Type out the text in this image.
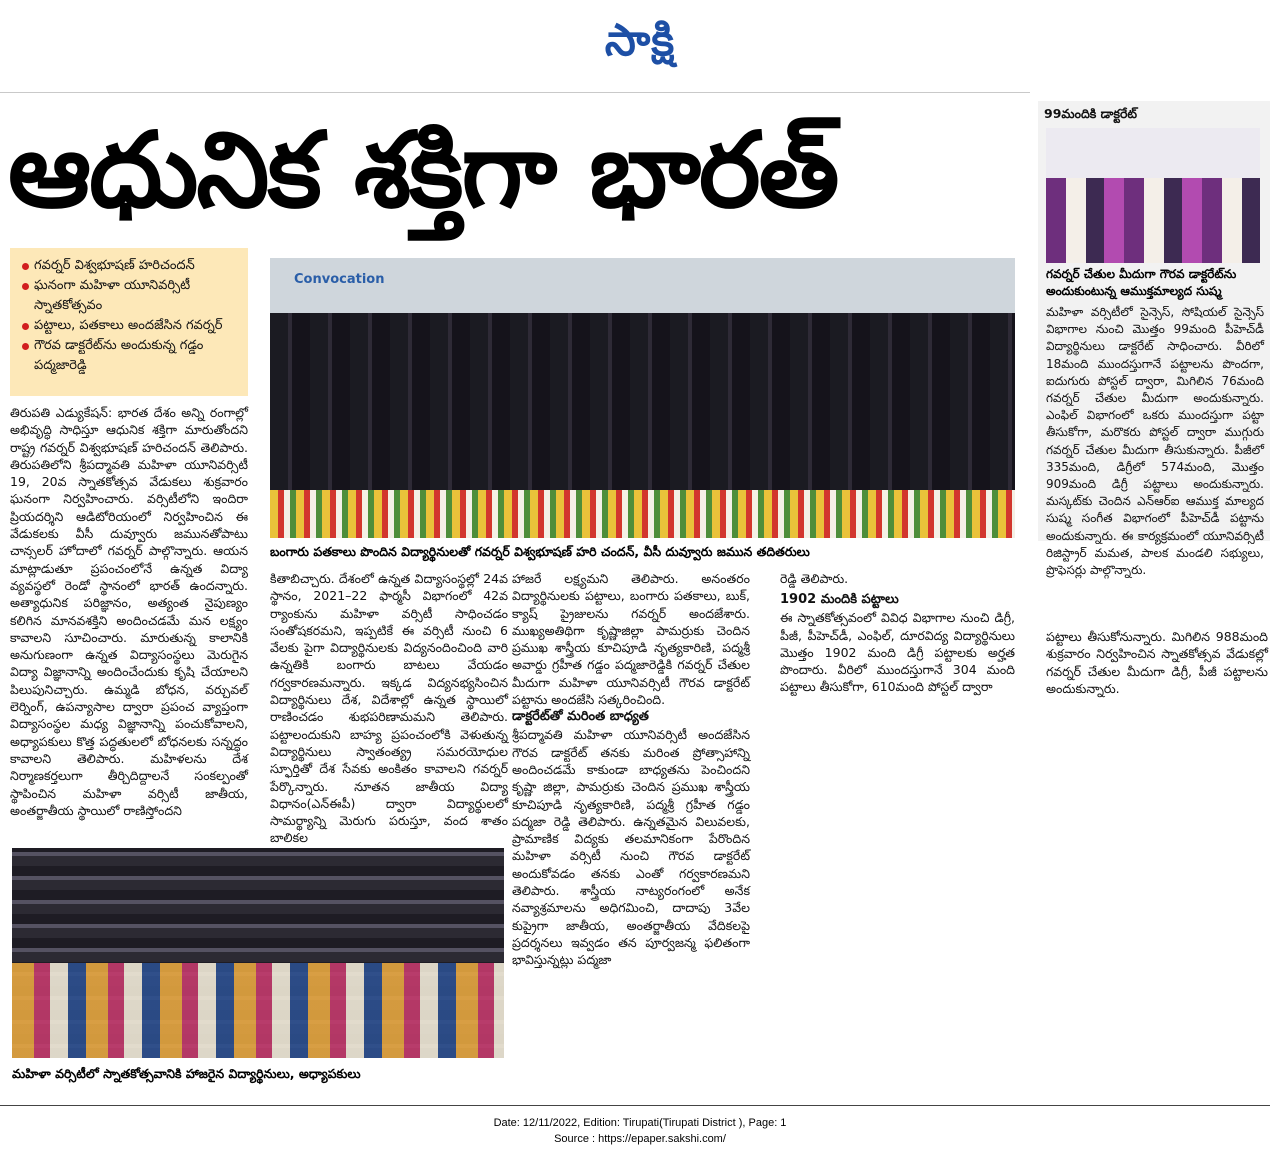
సాక్షి
ఆధునిక శక్తిగా భారత్
గవర్నర్ విశ్వభూషణ్ హరిచందన్
ఘనంగా మహిళా యూనివర్సిటీ స్నాతకోత్సవం
పట్టాలు, పతకాలు అందజేసిన గవర్నర్
గౌరవ డాక్టరేట్‌ను అందుకున్న గడ్డం పద్మజారెడ్డి
Convocation
బంగారు పతకాలు పొందిన విద్యార్థినులతో గవర్నర్ విశ్వభూషణ్ హరి చందన్, వీసీ దువ్వూరు జమున తదితరులు
99మందికి డాక్టరేట్
గవర్నర్ చేతుల మీదుగా గౌరవ డాక్టరేట్‌ను అందుకుంటున్న ఆముక్తమాల్యద సుష్మ

మహిళా వర్సిటీలో సైన్సెస్, సోషియల్ సైన్సెస్ విభాగాల నుంచి మొత్తం 99మంది పీహెచ్‌డీ విద్యార్థినులు డాక్టరేట్ సాధించారు. వీరిలో 18మంది ముందస్తుగానే పట్టాలను పొందగా, ఐదుగురు పోస్టల్ ద్వారా, మిగిలిన 76మంది గవర్నర్ చేతుల మీదుగా అందుకున్నారు. ఎంఫిల్ విభాగంలో ఒకరు ముందస్తుగా పట్టా తీసుకోగా, మరొకరు పోస్టల్ ద్వారా ముగ్గురు గవర్నర్ చేతుల మీదుగా తీసుకున్నారు. పీజీలో 335మంది, డిగ్రీలో 574మంది, మొత్తం 909మంది డిగ్రీ పట్టాలు అందుకున్నారు. మస్కట్‌కు చెందిన ఎన్ఆర్ఐ ఆముక్త మాల్యద సుష్మ సంగీత విభాగంలో పీహెచ్‌డీ పట్టాను అందుకున్నారు. ఈ కార్యక్రమంలో యూనివర్సిటీ రిజిస్ట్రార్ మమత, పాలక మండలి సభ్యులు, ప్రొఫెసర్లు పాల్గొన్నారు.

తిరుపతి ఎడ్యుకేషన్: భారత దేశం అన్ని రంగాల్లో అభివృద్ధి సాధిస్తూ ఆధునిక శక్తిగా మారుతోందని రాష్ట్ర గవర్నర్ విశ్వభూషణ్ హరిచందన్ తెలిపారు. తిరుపతిలోని శ్రీపద్మావతి మహిళా యూనివర్సిటీ 19, 20వ స్నాతకోత్సవ వేడుకలు శుక్రవారం ఘనంగా నిర్వహించారు. వర్సిటీలోని ఇందిరా ప్రియదర్శిని ఆడిటోరియంలో నిర్వహించిన ఈ వేడుకలకు వీసీ దువ్వూరు జమునతోపాటు చాన్సలర్ హోదాలో గవర్నర్ పాల్గొన్నారు. ఆయన మాట్లాడుతూ ప్రపంచంలోనే ఉన్నత విద్యా వ్యవస్థలో రెండో స్థానంలో భారత్ ఉందన్నారు. అత్యాధునిక పరిజ్ఞానం, అత్యంత నైపుణ్యం కలిగిన మానవశక్తిని అందించడమే మన లక్ష్యం కావాలని సూచించారు. మారుతున్న కాలానికి అనుగుణంగా ఉన్నత విద్యాసంస్థలు మెరుగైన విద్యా విజ్ఞానాన్ని అందించేందుకు కృషి చేయాలని పిలుపునిచ్చారు. ఉమ్మడి బోధన, వర్చువల్ లెర్నింగ్, ఉపన్యాసాల ద్వారా ప్రపంచ వ్యాప్తంగా విద్యాసంస్థల మధ్య విజ్ఞానాన్ని పంచుకోవాలని, అధ్యాపకులు కొత్త పద్ధతులలో బోధనలకు సన్నద్ధం కావాలని తెలిపారు. మహిళలను దేశ నిర్మాణకర్తలుగా తీర్చిదిద్దాలనే సంకల్పంతో స్థాపించిన మహిళా వర్సిటీ జాతీయ, అంతర్జాతీయ స్థాయిలో రాణిస్తోందని

కితాబిచ్చారు. దేశంలో ఉన్నత విద్యాసంస్థల్లో 24వ స్థానం, 2021–22 ఫార్మసీ విభాగంలో 42వ ర్యాంకును మహిళా వర్సిటీ సాధించడం సంతోషకరమని, ఇప్పటికే ఈ వర్సిటీ నుంచి 6 వేలకు పైగా విద్యార్థినులకు విద్యనందించింది వారి ఉన్నతికి బంగారు బాటలు వేయడం గర్వకారణమన్నారు. ఇక్కడ విద్యనభ్యసించిన విద్యార్థినులు దేశ, విదేశాల్లో ఉన్నత స్థాయిలో రాణించడం శుభపరిణామమని తెలిపారు. పట్టాలందుకుని బాహ్య ప్రపంచంలోకి వెళుతున్న విద్యార్థినులు స్వాతంత్య్ర సమరయోధుల స్ఫూర్తితో దేశ సేవకు అంకితం కావాలని గవర్నర్ పేర్కొన్నారు. నూతన జాతీయ విద్యా విధానం(ఎన్ఈపీ) ద్వారా విద్యార్థులలో సామర్థ్యాన్ని మెరుగు పరుస్తూ, వంద శాతం బాలికల

హాజరే లక్ష్యమని తెలిపారు. అనంతరం విద్యార్థినులకు పట్టాలు, బంగారు పతకాలు, బుక్, క్యాష్ ప్రైజులను గవర్నర్ అందజేశారు. ముఖ్యఅతిథిగా కృష్ణాజిల్లా పామర్రుకు చెందిన ప్రముఖ శాస్త్రీయ కూచిపూడి నృత్యకారిణి, పద్మశ్రీ అవార్డు గ్రహీత గడ్డం పద్మజారెడ్డికి గవర్నర్ చేతుల మీదుగా మహిళా యూనివర్సిటీ గౌరవ డాక్టరేట్ పట్టాను అందజేసి సత్కరించింది.

డాక్టరేట్‌తో మరింత బాధ్యత

శ్రీపద్మావతి మహిళా యూనివర్సిటీ అందజేసిన గౌరవ డాక్టరేట్ తనకు మరింత ప్రోత్సాహాన్ని అందించడమే కాకుండా బాధ్యతను పెంచిందని కృష్ణా జిల్లా, పామర్రుకు చెందిన ప్రముఖ శాస్త్రీయ కూచిపూడి నృత్యకారిణి, పద్మశ్రీ గ్రహీత గడ్డం పద్మజా రెడ్డి తెలిపారు. ఉన్నతమైన విలువలకు, ప్రామాణిక విద్యకు తలమానికంగా పేరొందిన మహిళా వర్సిటీ నుంచి గౌరవ డాక్టరేట్ అందుకోవడం తనకు ఎంతో గర్వకారణమని తెలిపారు. శాస్త్రీయ నాట్యరంగంలో అనేక నవ్యాశ్రమాలను అధిగమించి, దాదాపు 3వేల కుప్రైగా జాతీయ, అంతర్జాతీయ వేదికలపై ప్రదర్శనలు ఇవ్వడం తన పూర్వజన్మ ఫలితంగా భావిస్తున్నట్లు పద్మజా

రెడ్డి తెలిపారు.

1902 మందికి పట్టాలు

ఈ స్నాతకోత్సవంలో వివిధ విభాగాల నుంచి డిగ్రీ, పీజీ, పీహెచ్‌డీ, ఎంఫిల్, దూరవిద్య విద్యార్థినులు మొత్తం 1902 మంది డిగ్రీ పట్టాలకు అర్హత పొందారు. వీరిలో ముందస్తుగానే 304 మంది పట్టాలు తీసుకోగా, 610మంది పోస్టల్ ద్వారా

పట్టాలు తీసుకోనున్నారు. మిగిలిన 988మంది శుక్రవారం నిర్వహించిన స్నాతకోత్సవ వేడుకల్లో గవర్నర్ చేతుల మీదుగా డిగ్రీ, పీజీ పట్టాలను అందుకున్నారు.

మహిళా వర్సిటీలో స్నాతకోత్సవానికి హాజరైన విద్యార్థినులు, అధ్యాపకులు
Date: 12/11/2022, Edition: Tirupati(Tirupati District ), Page: 1
Source : https://epaper.sakshi.com/
